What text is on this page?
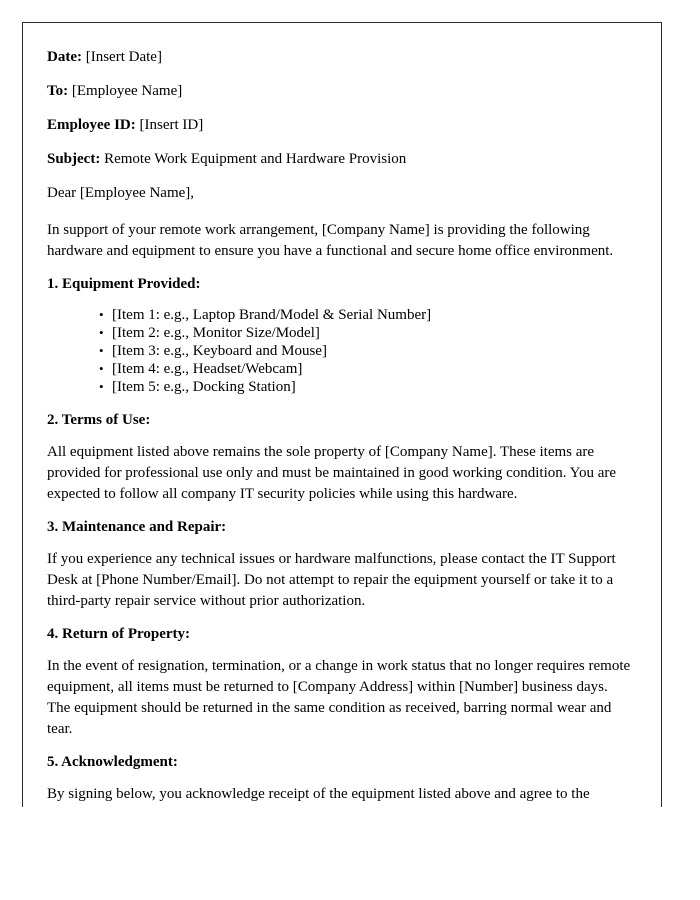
Date: [Insert Date]

To: [Employee Name]

Employee ID: [Insert ID]

Subject: Remote Work Equipment and Hardware Provision

Dear [Employee Name],

In support of your remote work arrangement, [Company Name] is providing the following hardware and equipment to ensure you have a functional and secure home office environment.

1. Equipment Provided:

• [Item 1: e.g., Laptop Brand/Model & Serial Number]
• [Item 2: e.g., Monitor Size/Model]
• [Item 3: e.g., Keyboard and Mouse]
• [Item 4: e.g., Headset/Webcam]
• [Item 5: e.g., Docking Station]

2. Terms of Use:

All equipment listed above remains the sole property of [Company Name]. These items are provided for professional use only and must be maintained in good working condition. You are expected to follow all company IT security policies while using this hardware.

3. Maintenance and Repair:

If you experience any technical issues or hardware malfunctions, please contact the IT Support Desk at [Phone Number/Email]. Do not attempt to repair the equipment yourself or take it to a third-party repair service without prior authorization.

4. Return of Property:

In the event of resignation, termination, or a change in work status that no longer requires remote equipment, all items must be returned to [Company Address] within [Number] business days. The equipment should be returned in the same condition as received, barring normal wear and tear.

5. Acknowledgment:

By signing below, you acknowledge receipt of the equipment listed above and agree to the
